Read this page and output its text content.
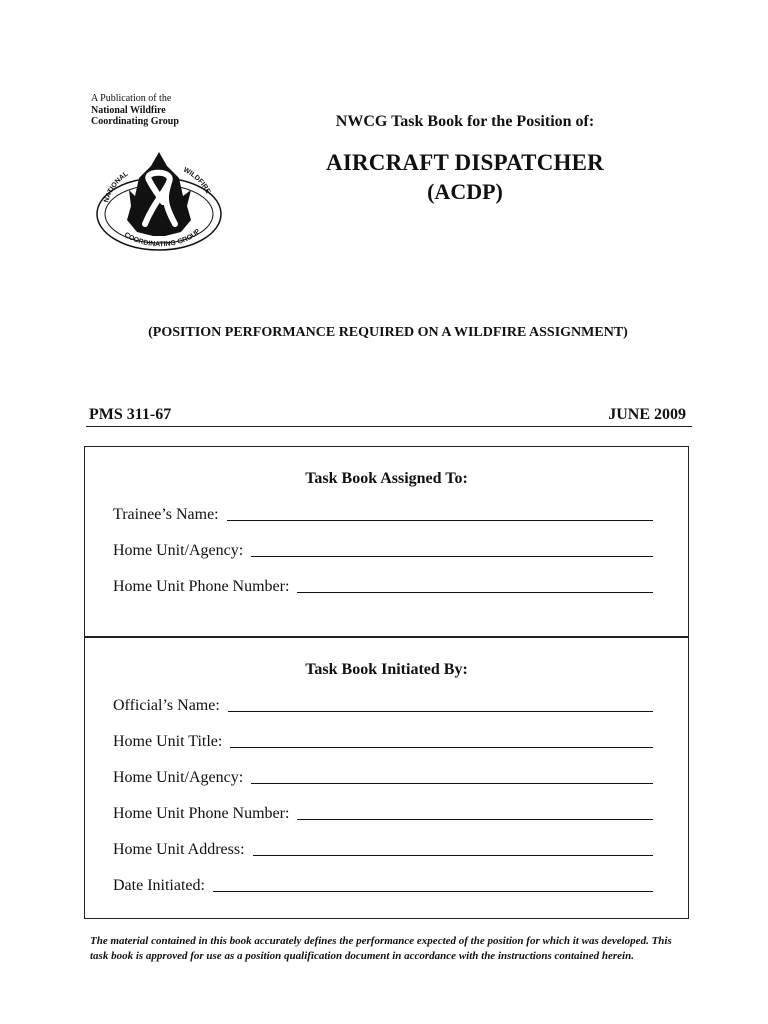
A Publication of the

National Wildfire
Coordinating Group
NATIONAL	WILDFIRE
COORDINATING GROUP
NWCG Task Book for the Position of:
AIRCRAFT DISPATCHER
(ACDP)
(POSITION PERFORMANCE REQUIRED ON A WILDFIRE ASSIGNMENT)
PMS 311-67	JUNE 2009
Task Book Assigned To:
Trainee’s Name:
Home Unit/Agency:
Home Unit Phone Number:
Task Book Initiated By:
Official’s Name:
Home Unit Title:
Home Unit/Agency:
Home Unit Phone Number:
Home Unit Address:
Date Initiated:
The material contained in this book accurately defines the performance expected of the position for which it was developed. This task book is approved for use as a position qualification document in accordance with the instructions contained herein.
